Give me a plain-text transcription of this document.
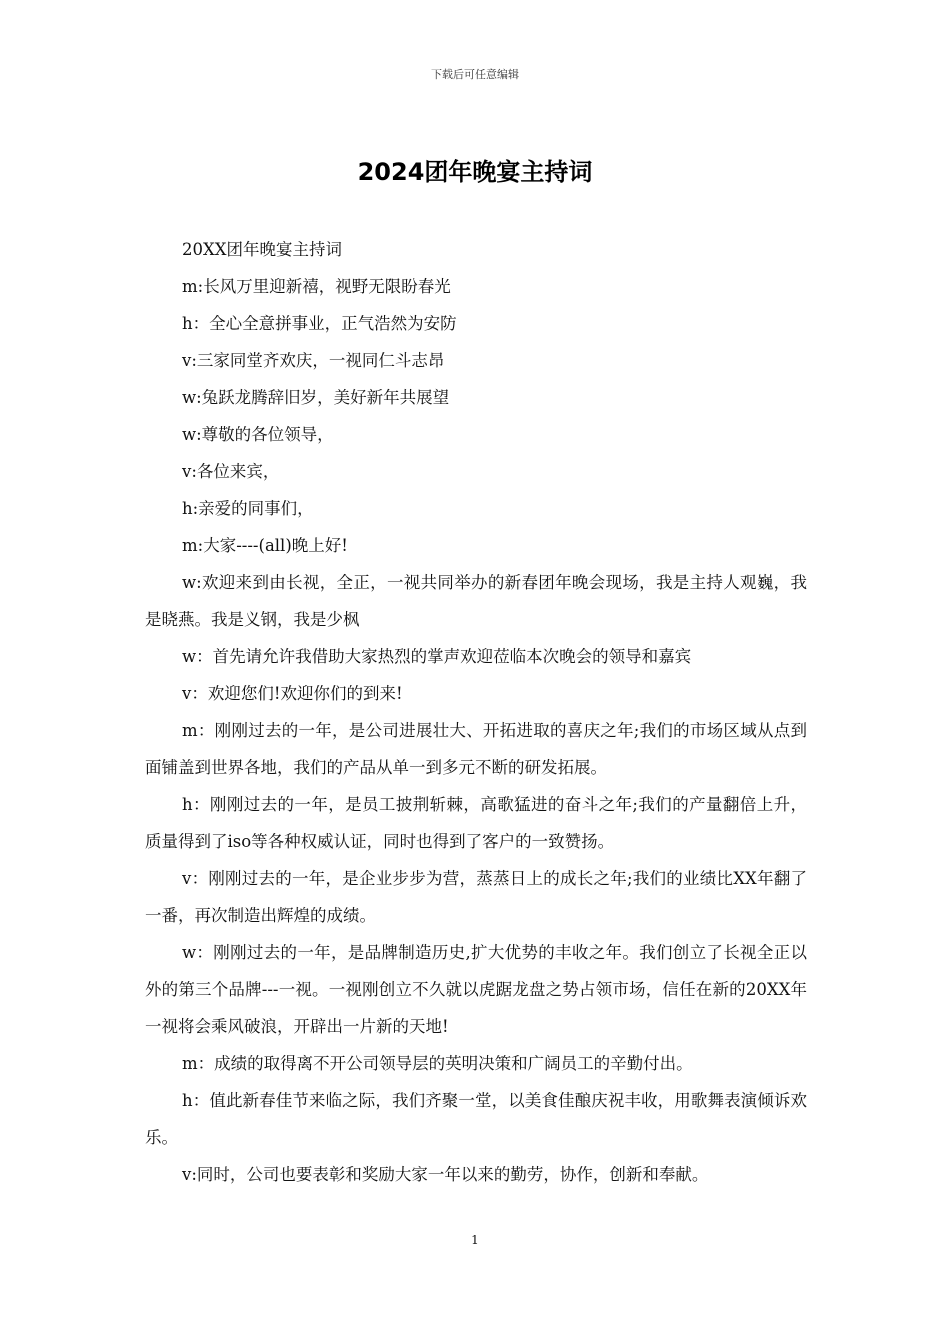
下载后可任意编辑
2024团年晚宴主持词

20XX团年晚宴主持词

m:长风万里迎新禧，视野无限盼春光

h：全心全意拼事业，正气浩然为安防

v:三家同堂齐欢庆，一视同仁斗志昂

w:兔跃龙腾辞旧岁，美好新年共展望

w:尊敬的各位领导，

v:各位来宾，

h:亲爱的同事们，

m:大家----(all)晚上好!

w:欢迎来到由长视，全正，一视共同举办的新春团年晚会现场，我是主持人观巍，我是晓燕。我是义钢，我是少枫

w：首先请允许我借助大家热烈的掌声欢迎莅临本次晚会的领导和嘉宾

v：欢迎您们!欢迎你们的到来!

m：刚刚过去的一年，是公司进展壮大、开拓进取的喜庆之年;我们的市场区域从点到面铺盖到世界各地，我们的产品从单一到多元不断的研发拓展。

h：刚刚过去的一年，是员工披荆斩棘，高歌猛进的奋斗之年;我们的产量翻倍上升，质量得到了iso等各种权威认证，同时也得到了客户的一致赞扬。

v：刚刚过去的一年，是企业步步为营，蒸蒸日上的成长之年;我们的业绩比XX年翻了一番，再次制造出辉煌的成绩。

w：刚刚过去的一年，是品牌制造历史,扩大优势的丰收之年。我们创立了长视全正以外的第三个品牌---一视。一视刚创立不久就以虎踞龙盘之势占领市场，信任在新的20XX年一视将会乘风破浪，开辟出一片新的天地!

m：成绩的取得离不开公司领导层的英明决策和广阔员工的辛勤付出。

h：值此新春佳节来临之际，我们齐聚一堂，以美食佳酿庆祝丰收，用歌舞表演倾诉欢乐。

v:同时，公司也要表彰和奖励大家一年以来的勤劳，协作，创新和奉献。

1
